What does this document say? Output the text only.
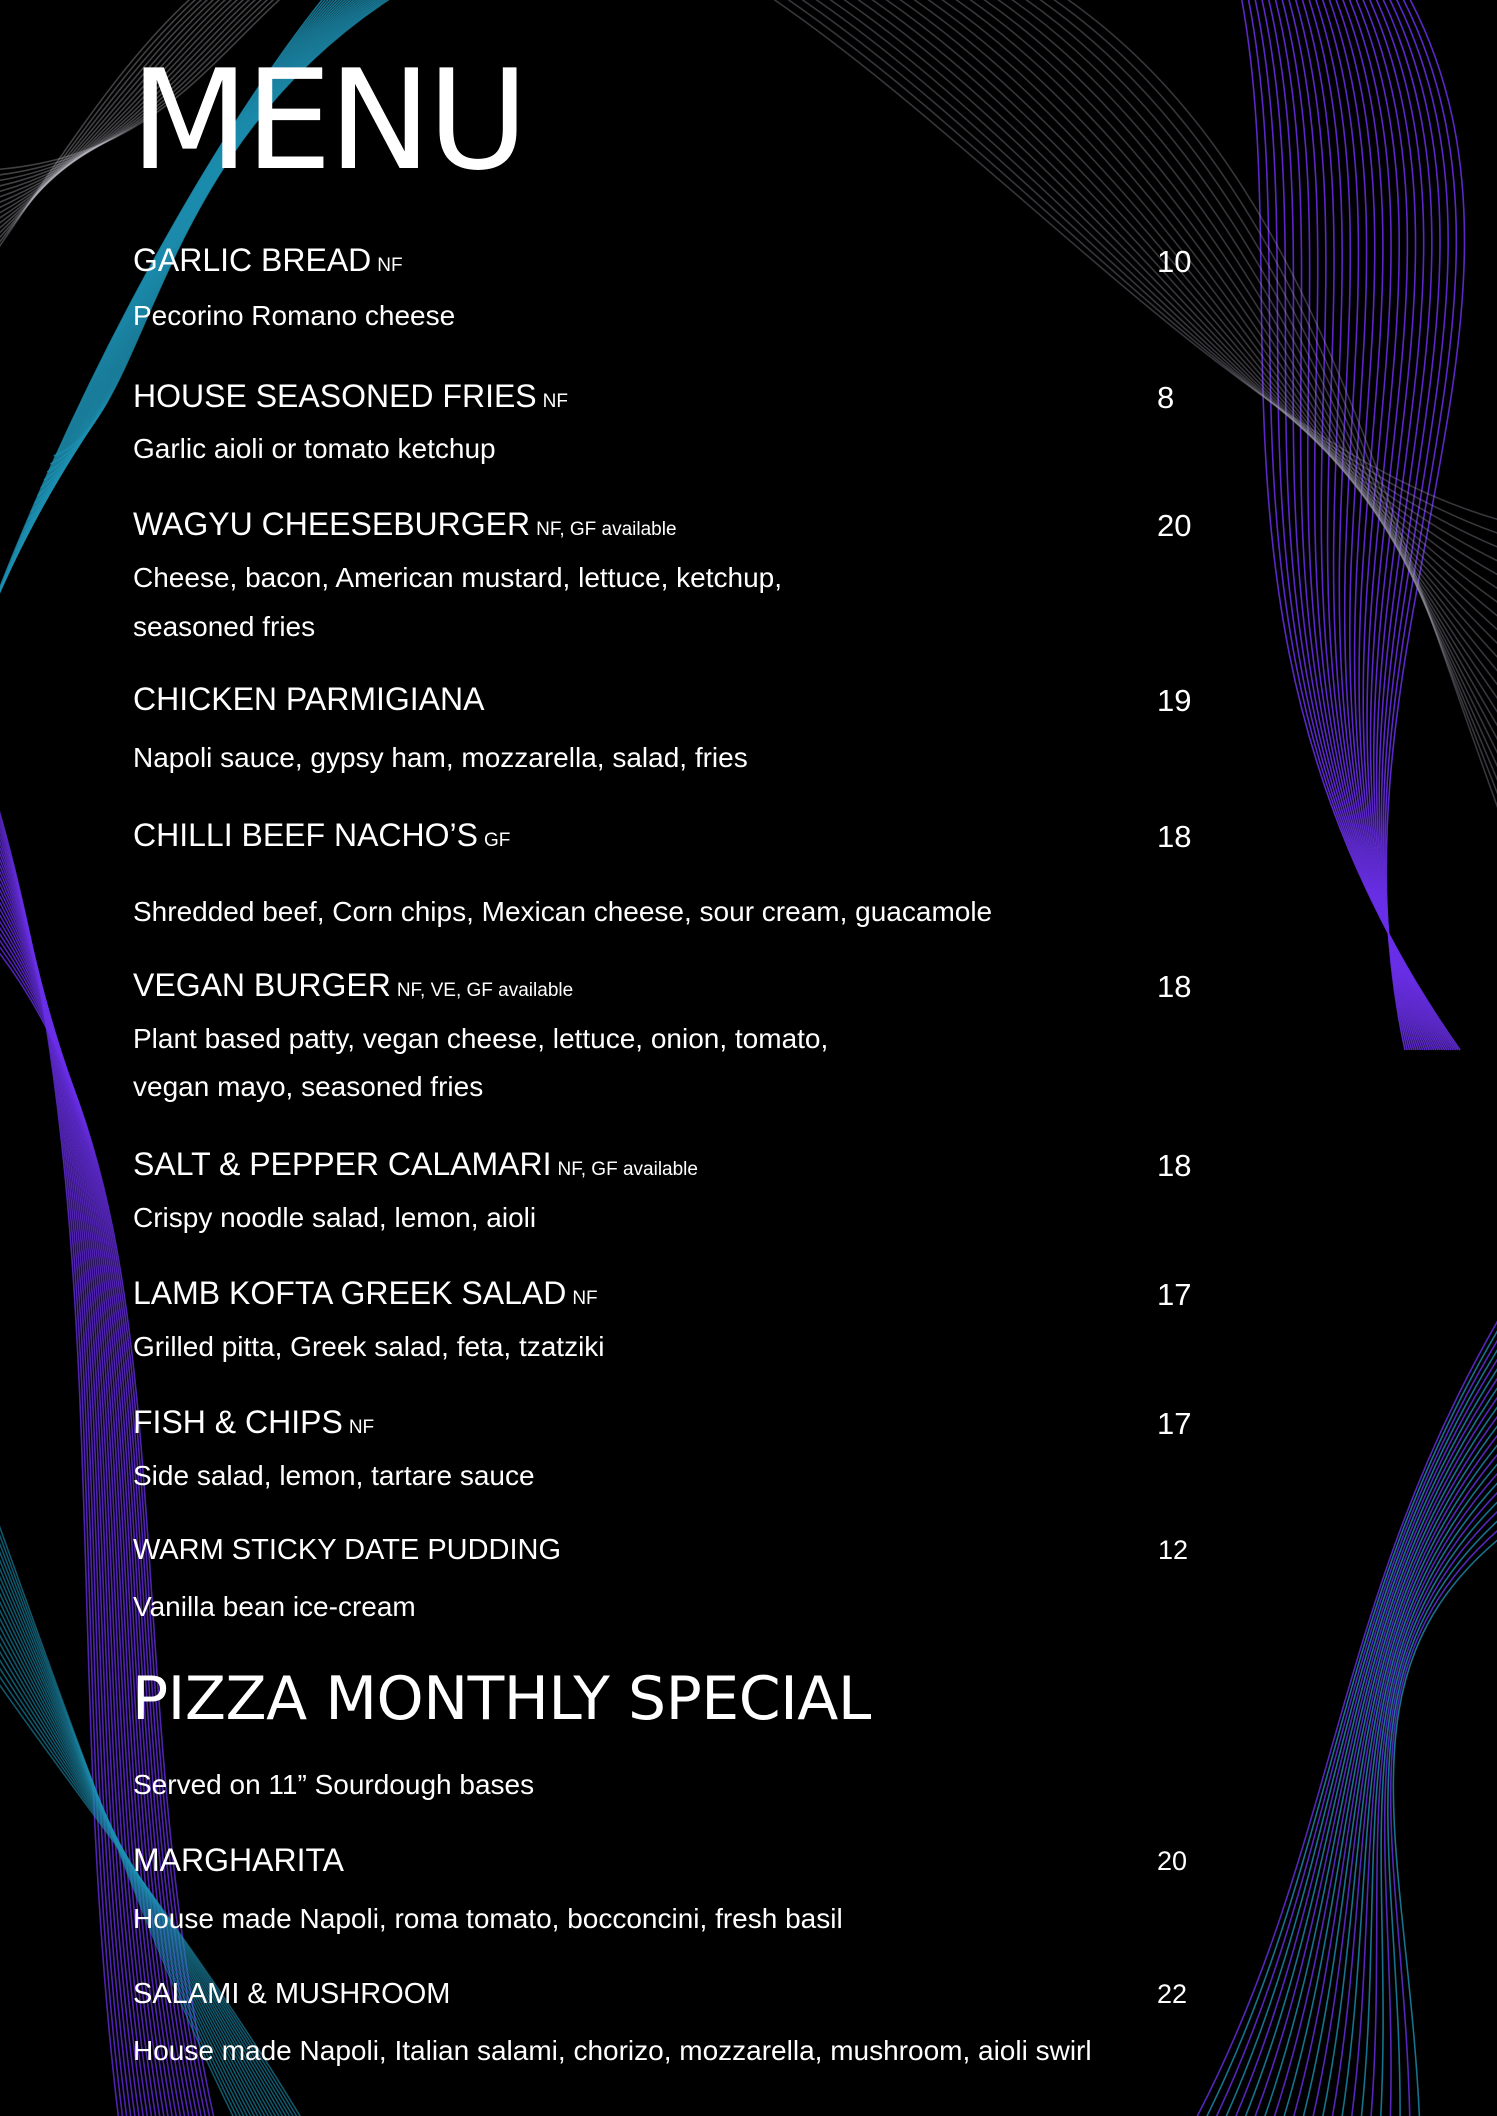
MENU
GARLIC BREAD NF	10
Pecorino Romano cheese
HOUSE SEASONED FRIES NF	8
Garlic aioli or tomato ketchup
WAGYU CHEESEBURGER NF, GF available	20
Cheese, bacon, American mustard, lettuce, ketchup,
seasoned fries
CHICKEN PARMIGIANA	19
Napoli sauce, gypsy ham, mozzarella, salad, fries
CHILLI BEEF NACHO’S GF	18
Shredded beef, Corn chips, Mexican cheese, sour cream, guacamole
VEGAN BURGER NF, VE, GF available	18
Plant based patty, vegan cheese, lettuce, onion, tomato,
vegan mayo, seasoned fries
SALT & PEPPER CALAMARI NF, GF available	18
Crispy noodle salad, lemon, aioli
LAMB KOFTA GREEK SALAD NF	17
Grilled pitta, Greek salad, feta, tzatziki
FISH & CHIPS NF	17
Side salad, lemon, tartare sauce
WARM STICKY DATE PUDDING	12
Vanilla bean ice-cream
PIZZA MONTHLY SPECIAL
Served on 11” Sourdough bases
MARGHARITA	20
House made Napoli, roma tomato, bocconcini, fresh basil
SALAMI & MUSHROOM	22
House made Napoli, Italian salami, chorizo, mozzarella, mushroom, aioli swirl
